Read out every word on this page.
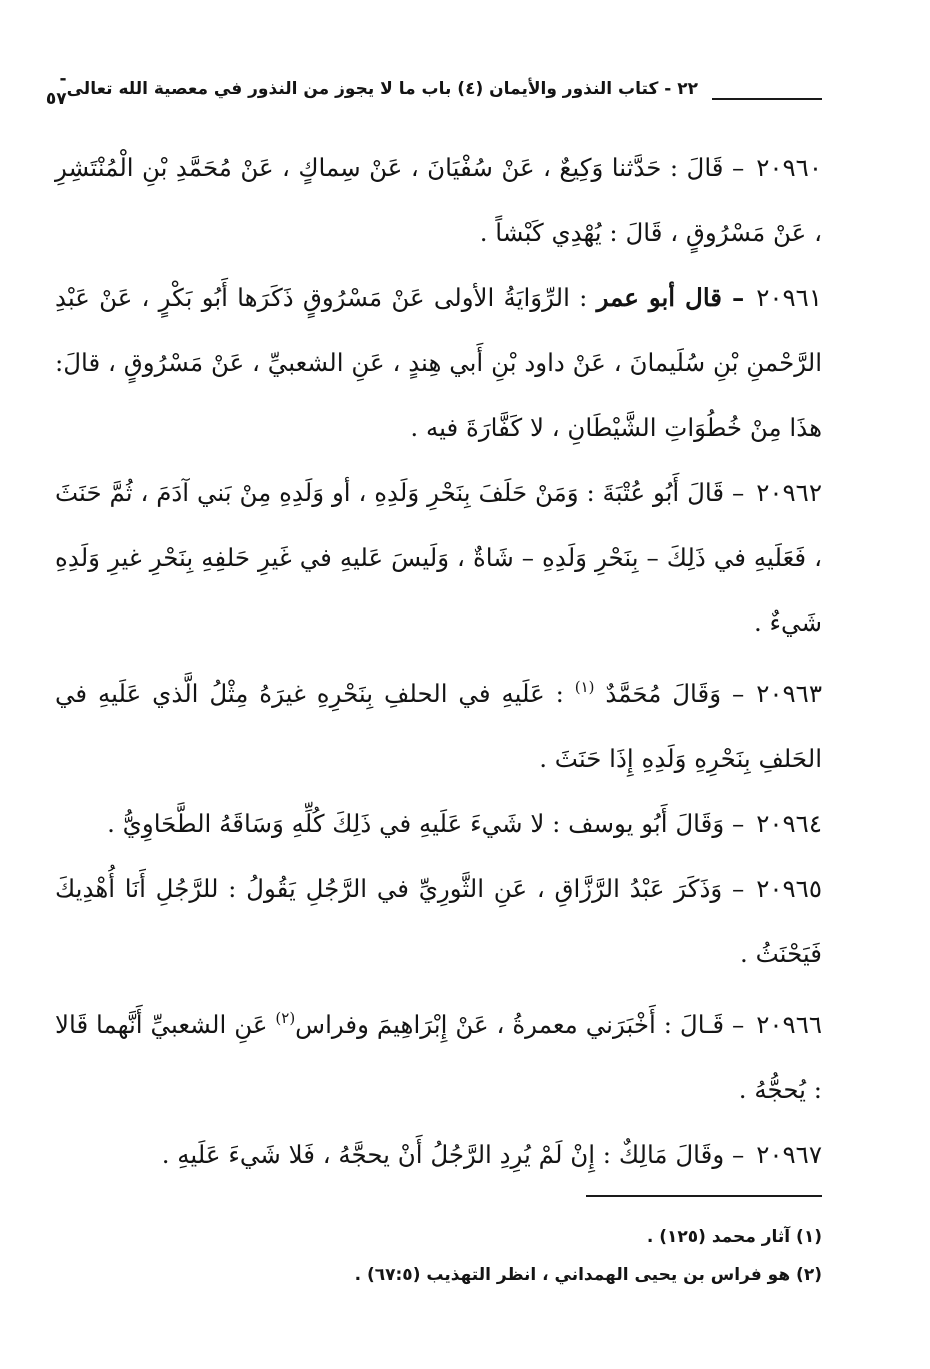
٢٢ - كتاب النذور والأيمان (٤) باب ما لا يجوز من النذور في معصية الله تعالى
- ٥٧

٢٠٩٦٠– قَالَ : حَدَّثنا وَكِيعٌ ، عَنْ سُفْيَانَ ، عَنْ سِماكٍ ، عَنْ مُحَمَّدِ بْنِ الْمُنْتَشِرِ ، عَنْ مَسْرُوقٍ ، قَالَ : يُهْدِي كَبْشاً .

٢٠٩٦١– قال أبو عمر : الرِّوَايَةُ الأولى عَنْ مَسْرُوقٍ ذَكَرَها أَبُو بَكْرٍ ، عَنْ عَبْدِ الرَّحْمنِ بْنِ سُلَيمانَ ، عَنْ داود بْنِ أَبي هِندٍ ، عَنِ الشعبيِّ ، عَنْ مَسْرُوقٍ ، قالَ: هذَا مِنْ خُطُوَاتِ الشَّيْطَانِ ، لا كَفَّارَةَ فيه .

٢٠٩٦٢– قَالَ أَبُو عُتْبَةَ : وَمَنْ حَلَفَ بِنَحْرِ وَلَدِهِ ، أو وَلَدِهِ مِنْ بَني آدَمَ ، ثُمَّ حَنَثَ ، فَعَلَيهِ في ذَلِكَ – بِنَحْرِ وَلَدِهِ – شَاةٌ ، وَلَيسَ عَليهِ في غَيرِ حَلفِهِ بِنَحْرِ غيرِ وَلَدِهِ شَيءٌ .

٢٠٩٦٣– وَقَالَ مُحَمَّدٌ $^{(١)}$ : عَلَيهِ في الحلفِ بِنَحْرِهِ غيرَهُ مِثْلُ الَّذي عَلَيهِ في الحَلفِ بِنَحْرِهِ وَلَدِهِ إِذَا حَنَثَ .

٢٠٩٦٤– وَقَالَ أَبُو يوسف : لا شَيءَ عَلَيهِ في ذَلِكَ كُلِّهِ وَسَاقَهُ الطَّحَاوِيُّ .

٢٠٩٦٥– وَذَكَرَ عَبْدُ الرَّزَّاقِ ، عَنِ الثَّورِيِّ في الرَّجُلِ يَقُولُ : للرَّجُلِ أَنَا أُهْدِيكَ فَيَحْنَثُ .

٢٠٩٦٦– قَـالَ : أَخْبَرَني معمرةُ ، عَنْ إِبْرَاهِيمَ وفراس$^{(٢)}$ عَنِ الشعبيِّ أَنَّهما قَالا : يُحجُّهُ .

٢٠٩٦٧– وقَالَ مَالِكٌ : إِنْ لَمْ يُرِدِ الرَّجُلُ أَنْ يحجَّهُ ، فَلا شَيءَ عَلَيهِ .

(١) آثار محمد (١٢٥) .

(٢) هو فراس بن يحيى الهمداني ، انظر التهذيب (٦٧:٥) .
